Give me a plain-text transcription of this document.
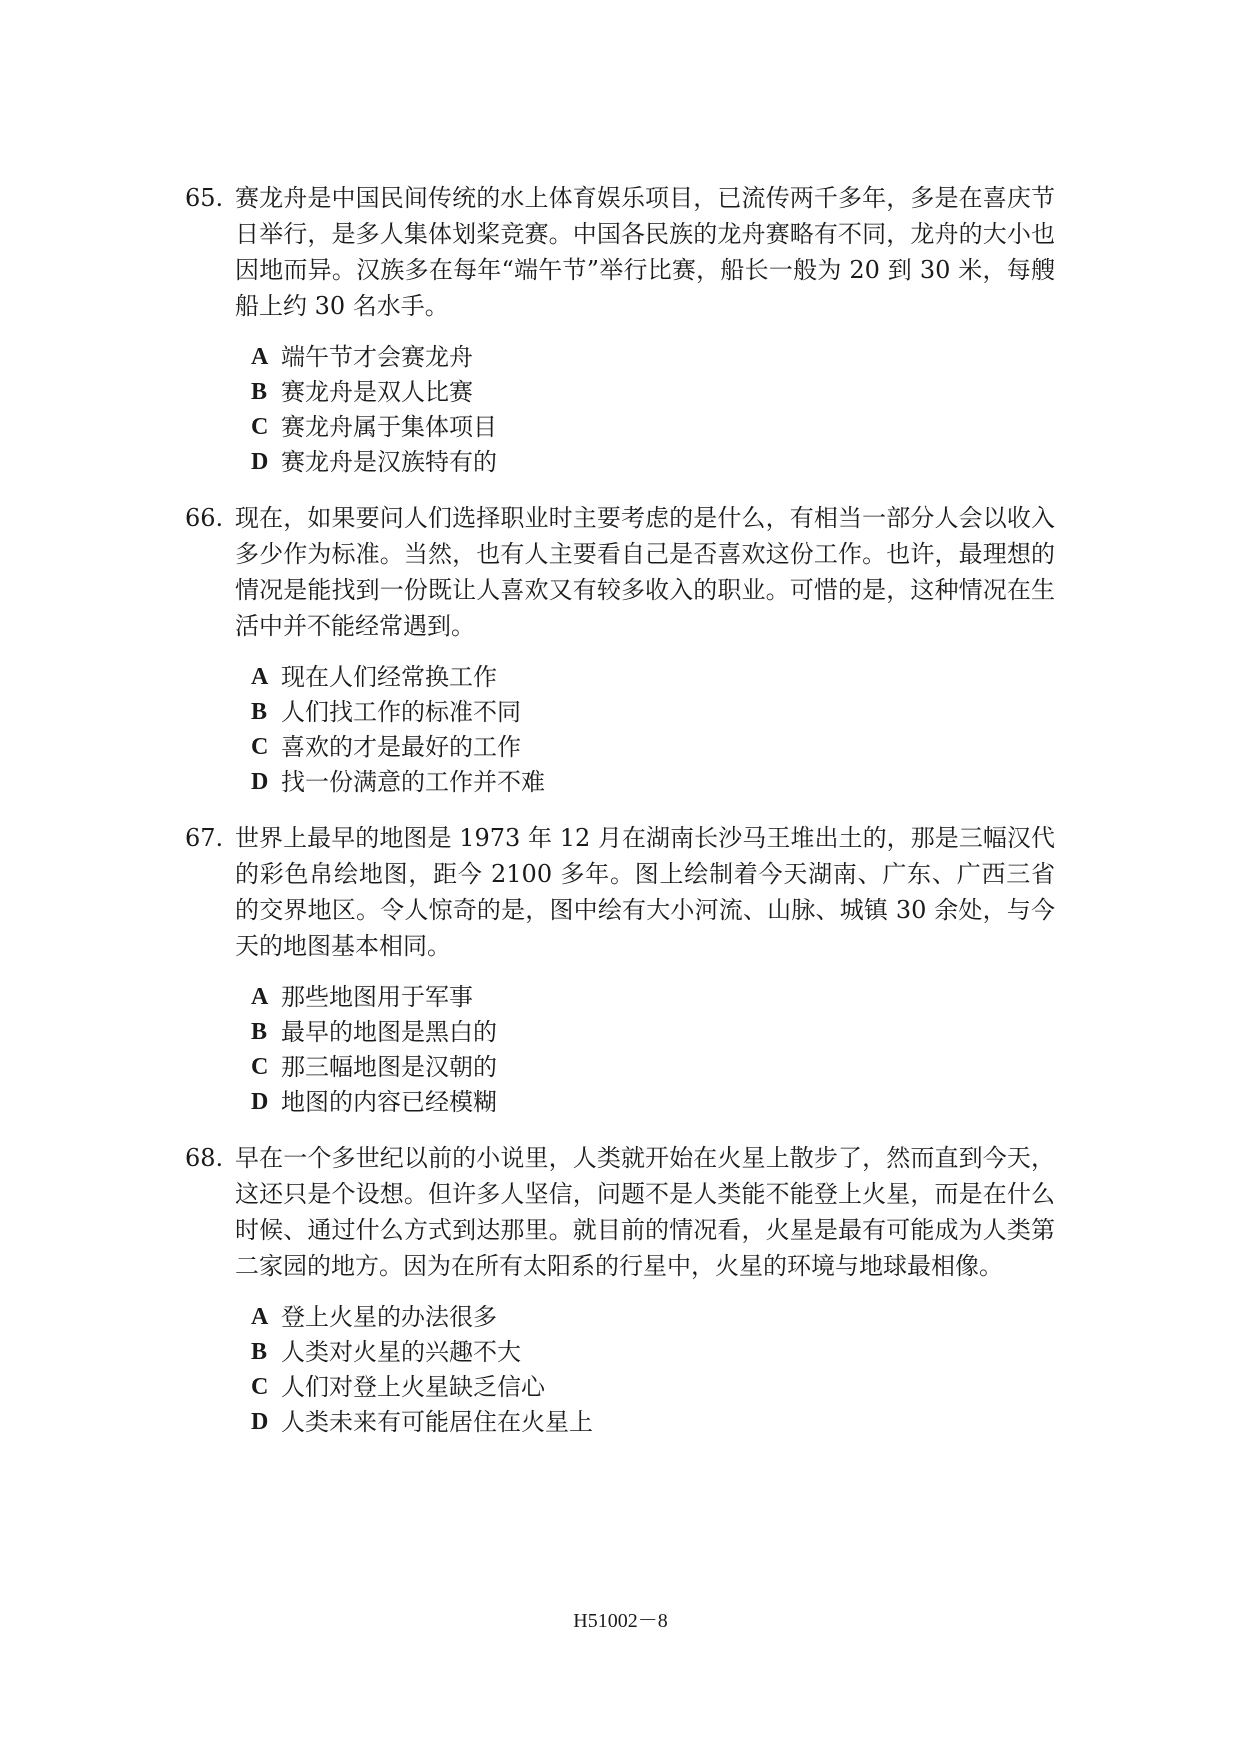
65. 赛龙舟是中国民间传统的水上体育娱乐项目，已流传两千多年，多是在喜庆节日举行，是多人集体划桨竞赛。中国各民族的龙舟赛略有不同，龙舟的大小也因地而异。汉族多在每年“端午节”举行比赛，船长一般为 20 到 30 米，每艘船上约 30 名水手。
A 端午节才会赛龙舟
B 赛龙舟是双人比赛
C 赛龙舟属于集体项目
D 赛龙舟是汉族特有的
66. 现在，如果要问人们选择职业时主要考虑的是什么，有相当一部分人会以收入多少作为标准。当然，也有人主要看自己是否喜欢这份工作。也许，最理想的情况是能找到一份既让人喜欢又有较多收入的职业。可惜的是，这种情况在生活中并不能经常遇到。
A 现在人们经常换工作
B 人们找工作的标准不同
C 喜欢的才是最好的工作
D 找一份满意的工作并不难
67. 世界上最早的地图是 1973 年 12 月在湖南长沙马王堆出土的，那是三幅汉代的彩色帛绘地图，距今 2100 多年。图上绘制着今天湖南、广东、广西三省的交界地区。令人惊奇的是，图中绘有大小河流、山脉、城镇 30 余处，与今天的地图基本相同。
A 那些地图用于军事
B 最早的地图是黑白的
C 那三幅地图是汉朝的
D 地图的内容已经模糊
68. 早在一个多世纪以前的小说里，人类就开始在火星上散步了，然而直到今天，这还只是个设想。但许多人坚信，问题不是人类能不能登上火星，而是在什么时候、通过什么方式到达那里。就目前的情况看，火星是最有可能成为人类第二家园的地方。因为在所有太阳系的行星中，火星的环境与地球最相像。
A 登上火星的办法很多
B 人类对火星的兴趣不大
C 人们对登上火星缺乏信心
D 人类未来有可能居住在火星上
H51002－8
